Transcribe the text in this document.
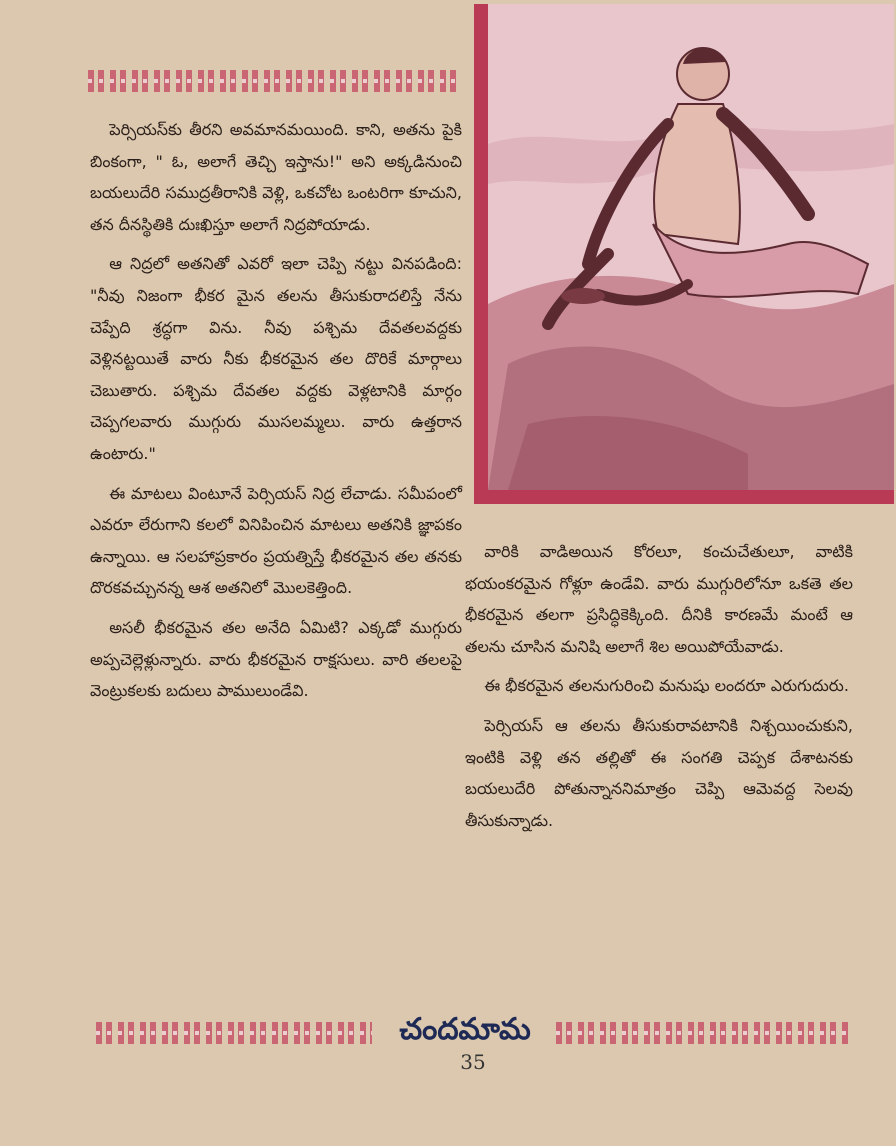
పెర్సియస్‌కు తీరని అవమానమయింది. కాని, అతను పైకి బింకంగా, " ఓ, అలాగే తెచ్చి ఇస్తాను!" అని అక్కడినుంచి బయలుదేరి సముద్రతీరానికి వెళ్లి, ఒకచోట ఒంటరిగా కూచుని, తన దీనస్థితికి దుఃఖిస్తూ అలాగే నిద్రపోయాడు.

ఆ నిద్రలో అతనితో ఎవరో ఇలా చెప్పి నట్టు వినపడింది: "నీవు నిజంగా భీకర మైన తలను తీసుకురాదలిస్తే నేను చెప్పేది శ్రద్ధగా విను. నీవు పశ్చిమ దేవతలవద్దకు వెళ్లినట్టయితే వారు నీకు భీకరమైన తల దొరికే మార్గాలు చెబుతారు. పశ్చిమ దేవతల వద్దకు వెళ్లటానికి మార్గం చెప్పగలవారు ముగ్గురు ముసలమ్మలు. వారు ఉత్తరాన ఉంటారు."

ఈ మాటలు వింటూనే పెర్సియస్ నిద్ర లేచాడు. సమీపంలో ఎవరూ లేరుగాని కలలో వినిపించిన మాటలు అతనికి జ్ఞాపకం ఉన్నాయి. ఆ సలహాప్రకారం ప్రయత్నిస్తే భీకరమైన తల తనకు దొరకవచ్చునన్న ఆశ అతనిలో మొలకెత్తింది.

అసలీ భీకరమైన తల అనేది ఏమిటి? ఎక్కడో ముగ్గురు అప్పచెల్లెళ్లున్నారు. వారు భీకరమైన రాక్షసులు. వారి తలలపై వెంట్రుకలకు బదులు పాములుండేవి.

వారికి వాడిఅయిన కోరలూ, కంచుచేతులూ, వాటికి భయంకరమైన గోళ్లూ ఉండేవి. వారు ముగ్గురిలోనూ ఒకతె తల భీకరమైన తలగా ప్రసిద్ధికెక్కింది. దీనికి కారణమే మంటే ఆ తలను చూసిన మనిషి అలాగే శిల అయిపోయేవాడు.

ఈ భీకరమైన తలనుగురించి మనుషు లందరూ ఎరుగుదురు.

పెర్సియస్ ఆ తలను తీసుకురావటానికి నిశ్చయించుకుని, ఇంటికి వెళ్లి తన తల్లితో ఈ సంగతి చెప్పక దేశాటనకు బయలుదేరి పోతున్నాననిమాత్రం చెప్పి ఆమెవద్ద సెలవు తీసుకున్నాడు.

చందమామ
35
